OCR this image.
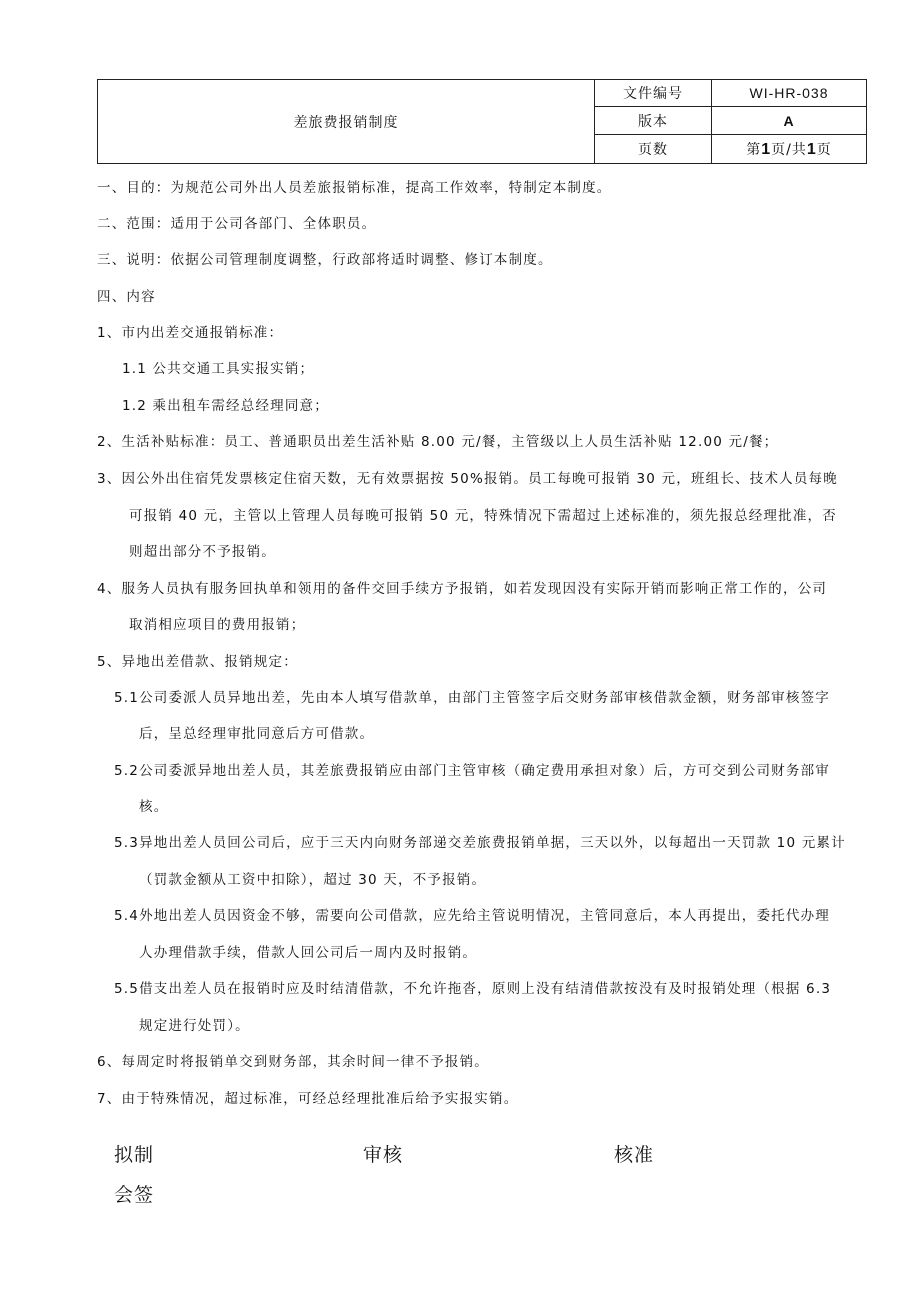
差旅费报销制度	文件编号	WI-HR-038
	版本	A
	页数	第1页/共1页
一、目的：为规范公司外出人员差旅报销标准，提高工作效率，特制定本制度。
二、范围：适用于公司各部门、全体职员。
三、说明：依据公司管理制度调整，行政部将适时调整、修订本制度。
四、内容
1、市内出差交通报销标准：
1.1 公共交通工具实报实销；
1.2 乘出租车需经总经理同意；
2、生活补贴标准：员工、普通职员出差生活补贴 8.00 元/餐，主管级以上人员生活补贴 12.00 元/餐；
3、因公外出住宿凭发票核定住宿天数，无有效票据按 50%报销。员工每晚可报销 30 元，班组长、技术人员每晚
可报销 40 元，主管以上管理人员每晚可报销 50 元，特殊情况下需超过上述标准的，须先报总经理批准，否
则超出部分不予报销。
4、服务人员执有服务回执单和领用的备件交回手续方予报销，如若发现因没有实际开销而影响正常工作的，公司
取消相应项目的费用报销；
5、异地出差借款、报销规定：
5.1公司委派人员异地出差，先由本人填写借款单，由部门主管签字后交财务部审核借款金额，财务部审核签字
后，呈总经理审批同意后方可借款。
5.2公司委派异地出差人员，其差旅费报销应由部门主管审核（确定费用承担对象）后，方可交到公司财务部审
核。
5.3异地出差人员回公司后，应于三天内向财务部递交差旅费报销单据，三天以外，以每超出一天罚款 10 元累计
（罚款金额从工资中扣除），超过 30 天，不予报销。
5.4外地出差人员因资金不够，需要向公司借款，应先给主管说明情况，主管同意后，本人再提出，委托代办理
人办理借款手续，借款人回公司后一周内及时报销。
5.5借支出差人员在报销时应及时结清借款，不允许拖沓，原则上没有结清借款按没有及时报销处理（根据 6.3
规定进行处罚）。
6、每周定时将报销单交到财务部，其余时间一律不予报销。
7、由于特殊情况，超过标准，可经总经理批准后给予实报实销。
拟制	审核	核准
会签
